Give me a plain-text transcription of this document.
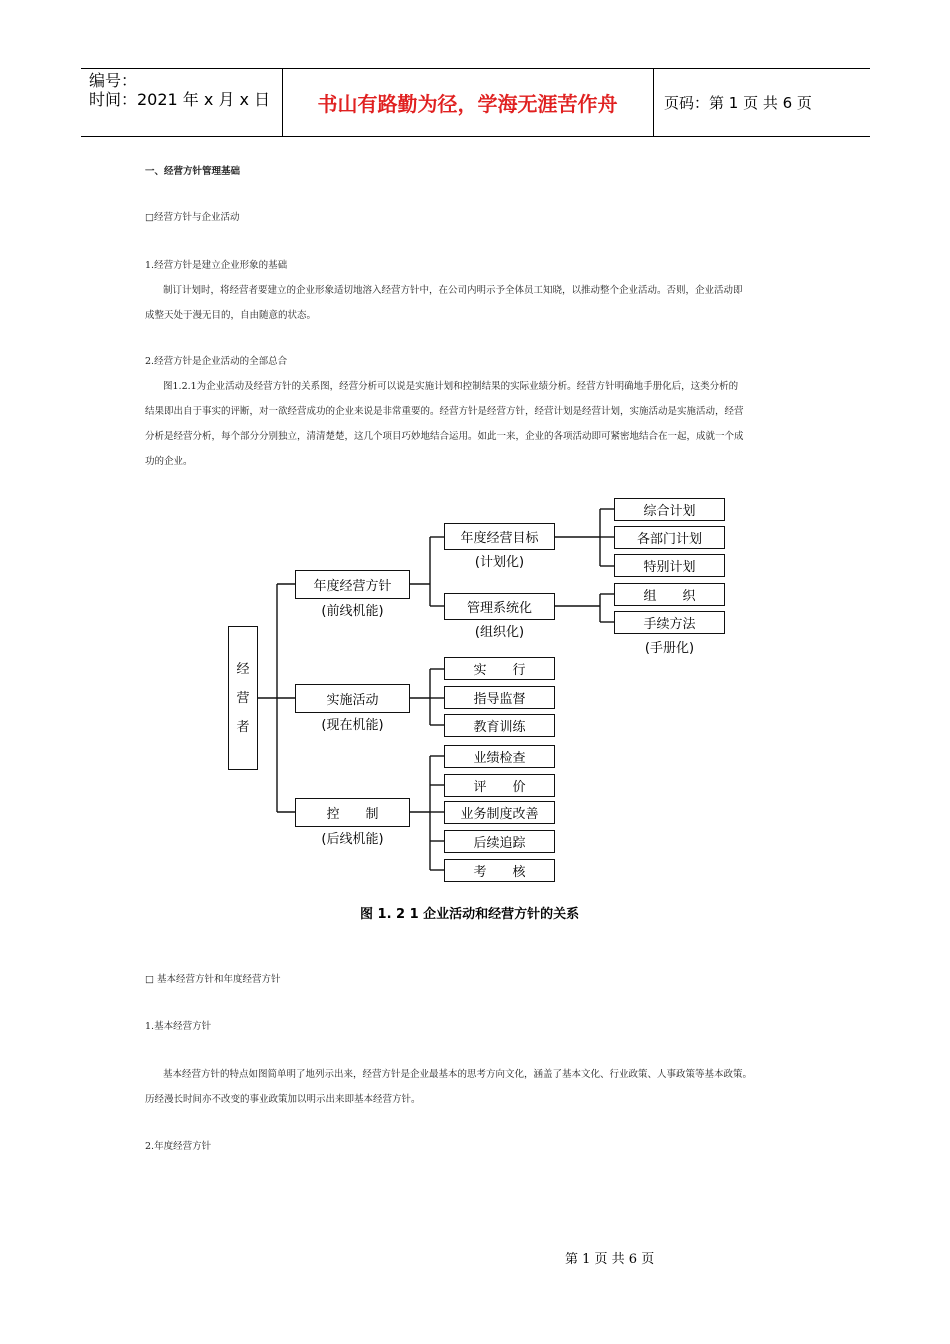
编号：
时间：2021 年 x 月 x 日	书山有路勤为径，学海无涯苦作舟	页码：第 1 页 共 6 页
一、经营方针管理基础
□经营方针与企业活动
1.经营方针是建立企业形象的基础
制订计划时，将经营者要建立的企业形象适切地溶入经营方针中，在公司内明示予全体员工知晓，以推动整个企业活动。否则，企业活动即
成整天处于漫无目的，自由随意的状态。
2.经营方针是企业活动的全部总合
图1.2.1为企业活动及经营方针的关系图，经营分析可以说是实施计划和控制结果的实际业绩分析。经营方针明确地手册化后，这类分析的
结果即出自于事实的评断，对一欲经营成功的企业来说是非常重要的。经营方针是经营方针，经营计划是经营计划，实施活动是实施活动，经营
分析是经营分析，每个部分分别独立，清清楚楚，这几个项目巧妙地结合运用。如此一来，企业的各项活动即可紧密地结合在一起，成就一个成
功的企业。
经
营
者
年度经营方针
(前线机能)
实施活动
(现在机能)
控　　制
(后线机能)
年度经营目标
(计划化)
管理系统化
(组织化)
综合计划
各部门计划
特别计划
组　　织
手续方法
(手册化)
实　　行
指导监督
教育训练
业绩检查
评　　价
业务制度改善
后续追踪
考　　核
图 1. 2 1 企业活动和经营方针的关系
□ 基本经营方针和年度经营方针
1.基本经营方针
基本经营方针的特点如图简单明了地列示出来，经营方针是企业最基本的思考方向文化，涵盖了基本文化、行业政策、人事政策等基本政策。
历经漫长时间亦不改变的事业政策加以明示出来即基本经营方针。
2.年度经营方针
第 1 页 共 6 页
